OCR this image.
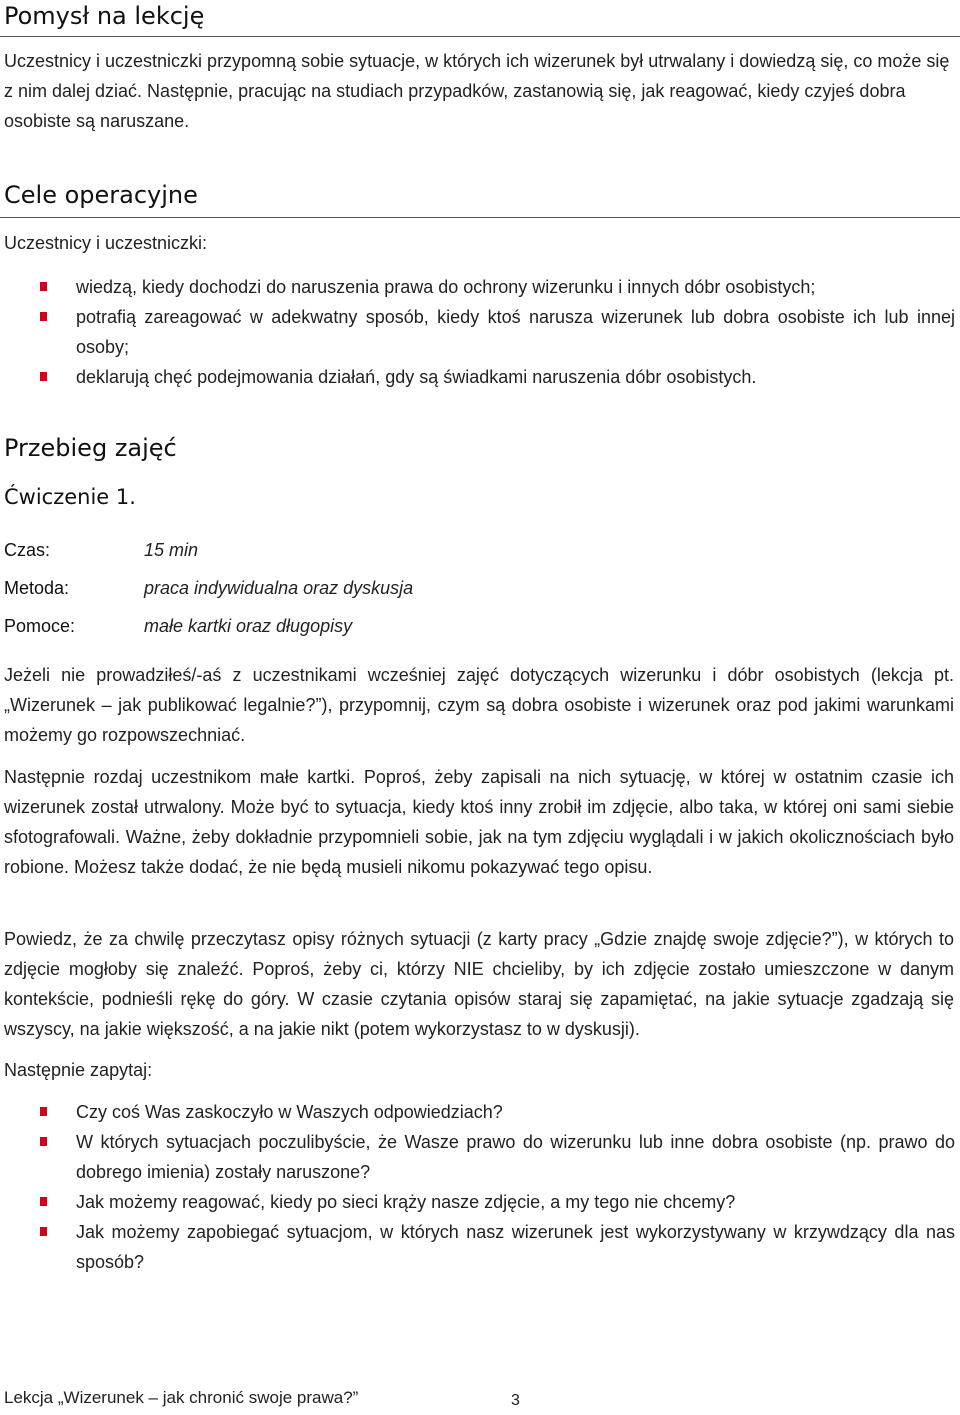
Pomysł na lekcję

Uczestnicy i uczestniczki przypomną sobie sytuacje, w których ich wizerunek był utrwalany i dowiedzą się, co może się z nim dalej dziać. Następnie, pracując na studiach przypadków, zastanowią się, jak reagować, kiedy czyjeś dobra osobiste są naruszane.

Cele operacyjne

Uczestnicy i uczestniczki:

wiedzą, kiedy dochodzi do naruszenia prawa do ochrony wizerunku i innych dóbr osobistych;
potrafią zareagować w adekwatny sposób, kiedy ktoś narusza wizerunek lub dobra osobiste ich lub innej osoby;
deklarują chęć podejmowania działań, gdy są świadkami naruszenia dóbr osobistych.
Przebieg zajęć

Ćwiczenie 1.

Czas:	15 min
Metoda:	praca indywidualna oraz dyskusja
Pomoce:	małe kartki oraz długopisy

Jeżeli nie prowadziłeś/-aś z uczestnikami wcześniej zajęć dotyczących wizerunku i dóbr osobistych (lekcja pt. „Wizerunek – jak publikować legalnie?”), przypomnij, czym są dobra osobiste i wizerunek oraz pod jakimi warunkami możemy go rozpowszechniać.

Następnie rozdaj uczestnikom małe kartki. Poproś, żeby zapisali na nich sytuację, w której w ostatnim czasie ich wizerunek został utrwalony. Może być to sytuacja, kiedy ktoś inny zrobił im zdjęcie, albo taka, w której oni sami siebie sfotografowali. Ważne, żeby dokładnie przypomnieli sobie, jak na tym zdjęciu wyglądali i w jakich okolicznościach było robione. Możesz także dodać, że nie będą musieli nikomu pokazywać tego opisu.

Powiedz, że za chwilę przeczytasz opisy różnych sytuacji (z karty pracy „Gdzie znajdę swoje zdjęcie?”), w których to zdjęcie mogłoby się znaleźć. Poproś, żeby ci, którzy NIE chcieliby, by ich zdjęcie zostało umieszczone w danym kontekście, podnieśli rękę do góry. W czasie czytania opisów staraj się zapamiętać, na jakie sytuacje zgadzają się wszyscy, na jakie większość, a na jakie nikt (potem wykorzystasz to w dyskusji).

Następnie zapytaj:

Czy coś Was zaskoczyło w Waszych odpowiedziach?
W których sytuacjach poczulibyście, że Wasze prawo do wizerunku lub inne dobra osobiste (np. prawo do dobrego imienia) zostały naruszone?
Jak możemy reagować, kiedy po sieci krąży nasze zdjęcie, a my tego nie chcemy?
Jak możemy zapobiegać sytuacjom, w których nasz wizerunek jest wykorzystywany w krzywdzący dla nas sposób?
Lekcja „Wizerunek – jak chronić swoje prawa?”	3
